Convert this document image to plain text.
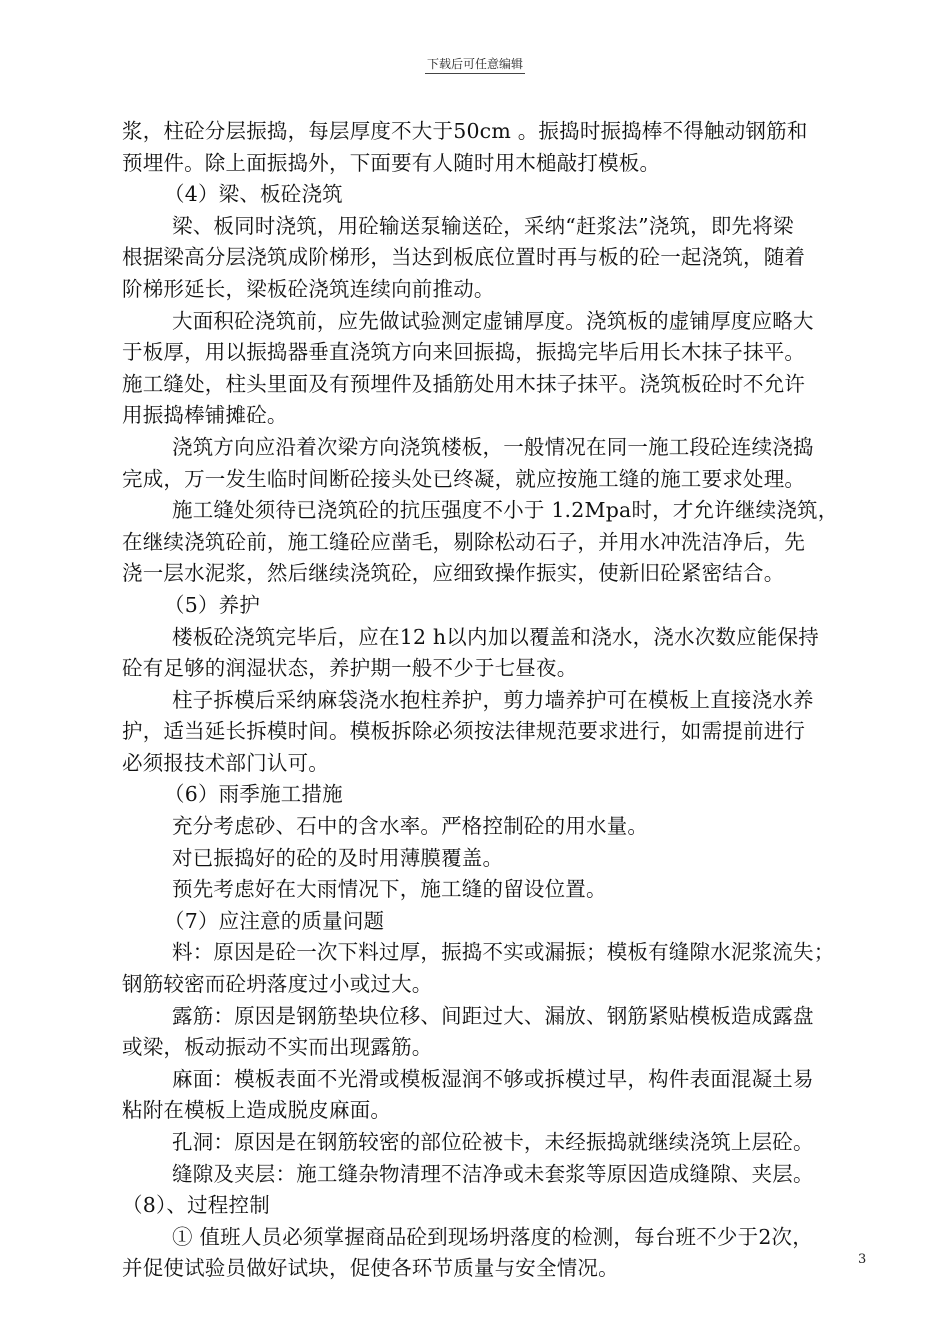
下载后可任意编辑
浆，柱砼分层振捣，每层厚度不大于50cm 。振捣时振捣棒不得触动钢筋和
预埋件。除上面振捣外，下面要有人随时用木槌敲打模板。
（4）梁、板砼浇筑
梁、板同时浇筑，用砼输送泵输送砼，采纳“赶浆法”浇筑，即先将梁
根据梁高分层浇筑成阶梯形，当达到板底位置时再与板的砼一起浇筑，随着
阶梯形延长，梁板砼浇筑连续向前推动。
大面积砼浇筑前，应先做试验测定虚铺厚度。浇筑板的虚铺厚度应略大
于板厚，用以振捣器垂直浇筑方向来回振捣，振捣完毕后用长木抹子抹平。
施工缝处，柱头里面及有预埋件及插筋处用木抹子抹平。浇筑板砼时不允许
用振捣棒铺摊砼。
浇筑方向应沿着次梁方向浇筑楼板，一般情况在同一施工段砼连续浇捣
完成，万一发生临时间断砼接头处已终凝，就应按施工缝的施工要求处理。
施工缝处须待已浇筑砼的抗压强度不小于 1.2Mpa时，才允许继续浇筑，
在继续浇筑砼前，施工缝砼应凿毛，剔除松动石子，并用水冲洗洁净后，先
浇一层水泥浆，然后继续浇筑砼，应细致操作振实，使新旧砼紧密结合。
（5）养护
楼板砼浇筑完毕后，应在12 h以内加以覆盖和浇水，浇水次数应能保持
砼有足够的润湿状态，养护期一般不少于七昼夜。
柱子拆模后采纳麻袋浇水抱柱养护，剪力墙养护可在模板上直接浇水养
护，适当延长拆模时间。模板拆除必须按法律规范要求进行，如需提前进行
必须报技术部门认可。
（6）雨季施工措施
充分考虑砂、石中的含水率。严格控制砼的用水量。
对已振捣好的砼的及时用薄膜覆盖。
预先考虑好在大雨情况下，施工缝的留设位置。
（7）应注意的质量问题
料：原因是砼一次下料过厚，振捣不实或漏振；模板有缝隙水泥浆流失；
钢筋较密而砼坍落度过小或过大。
露筋：原因是钢筋垫块位移、间距过大、漏放、钢筋紧贴模板造成露盘
或梁，板动振动不实而出现露筋。
麻面：模板表面不光滑或模板湿润不够或拆模过早，构件表面混凝土易
粘附在模板上造成脱皮麻面。
孔洞：原因是在钢筋较密的部位砼被卡，未经振捣就继续浇筑上层砼。
缝隙及夹层：施工缝杂物清理不洁净或未套浆等原因造成缝隙、夹层。
（8）、过程控制
① 值班人员必须掌握商品砼到现场坍落度的检测，每台班不少于2次，
并促使试验员做好试块，促使各环节质量与安全情况。	3
